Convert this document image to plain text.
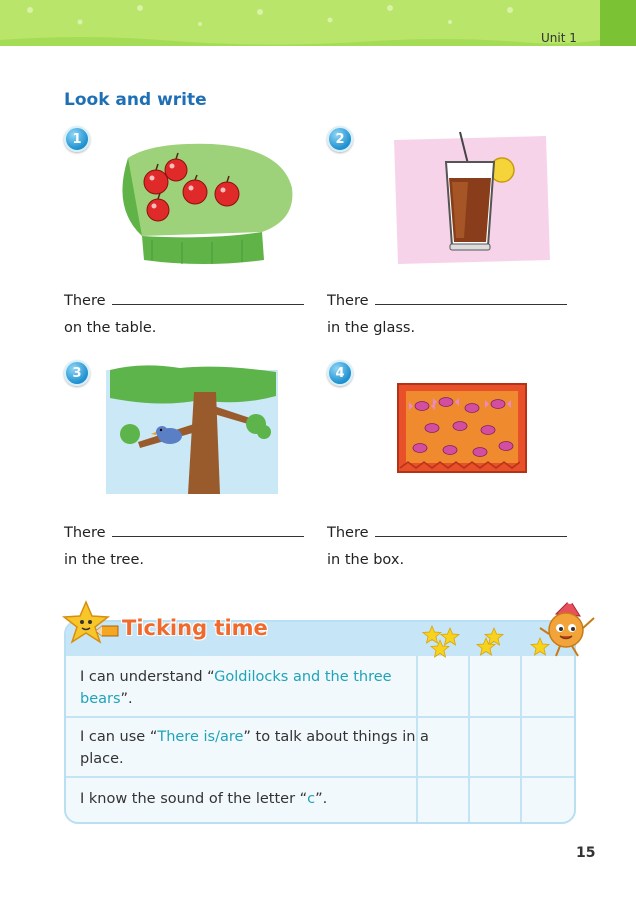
Unit 1
Look and write
1
There
on the table.
2
There
in the glass.
3
There
in the tree.
4
There
in the box.
I can understand “Goldilocks and the three bears”.
I can use “There is/are” to talk about things in a place.
I know the sound of the letter “c”.
Ticking time
15
